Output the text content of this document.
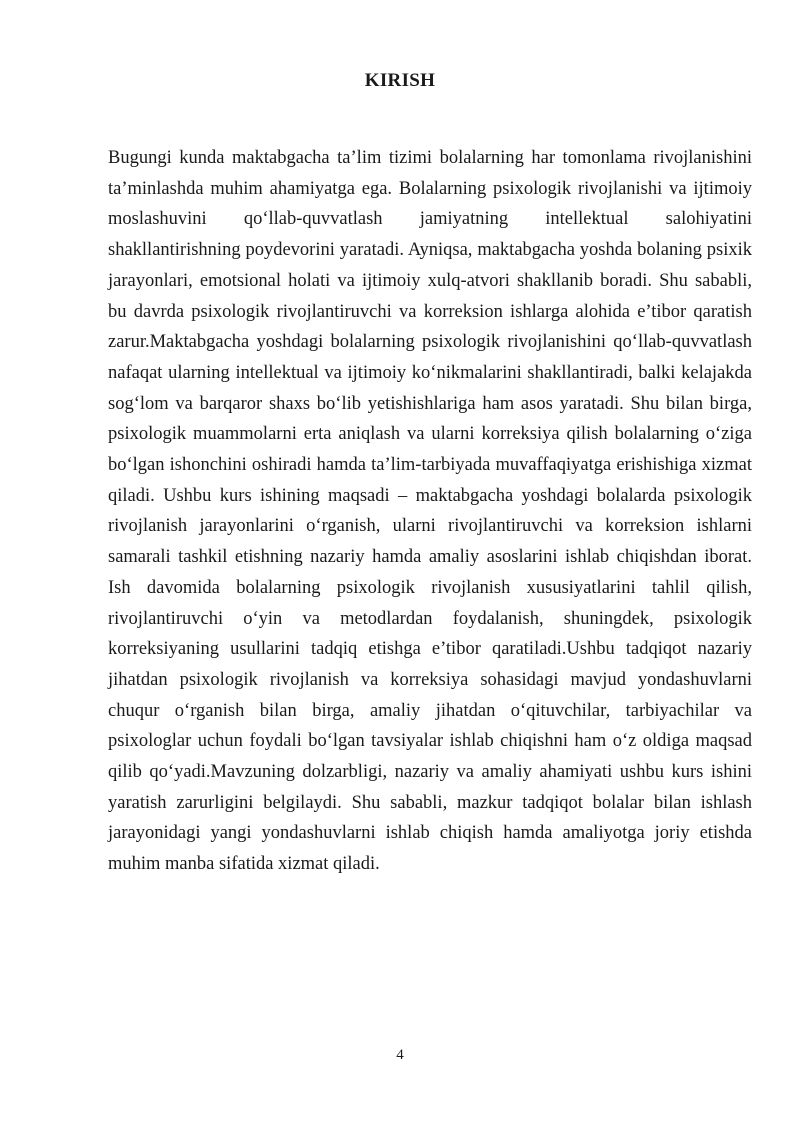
KIRISH

Bugungi kunda maktabgacha ta’lim tizimi bolalarning har tomonlama rivojlanishini ta’minlashda muhim ahamiyatga ega. Bolalarning psixologik rivojlanishi va ijtimoiy moslashuvini qo‘llab-quvvatlash jamiyatning intellektual salohiyatini shakllantirishning poydevorini yaratadi. Ayniqsa, maktabgacha yoshda bolaning psixik jarayonlari, emotsional holati va ijtimoiy xulq-atvori shakllanib boradi. Shu sababli, bu davrda psixologik rivojlantiruvchi va korreksion ishlarga alohida e’tibor qaratish zarur.Maktabgacha yoshdagi bolalarning psixologik rivojlanishini qo‘llab-quvvatlash nafaqat ularning intellektual va ijtimoiy ko‘nikmalarini shakllantiradi, balki kelajakda sog‘lom va barqaror shaxs bo‘lib yetishishlariga ham asos yaratadi. Shu bilan birga, psixologik muammolarni erta aniqlash va ularni korreksiya qilish bolalarning o‘ziga bo‘lgan ishonchini oshiradi hamda ta’lim-tarbiyada muvaffaqiyatga erishishiga xizmat qiladi. Ushbu kurs ishining maqsadi – maktabgacha yoshdagi bolalarda psixologik rivojlanish jarayonlarini o‘rganish, ularni rivojlantiruvchi va korreksion ishlarni samarali tashkil etishning nazariy hamda amaliy asoslarini ishlab chiqishdan iborat. Ish davomida bolalarning psixologik rivojlanish xususiyatlarini tahlil qilish, rivojlantiruvchi o‘yin va metodlardan foydalanish, shuningdek, psixologik korreksiyaning usullarini tadqiq etishga e’tibor qaratiladi.Ushbu tadqiqot nazariy jihatdan psixologik rivojlanish va korreksiya sohasidagi mavjud yondashuvlarni chuqur o‘rganish bilan birga, amaliy jihatdan o‘qituvchilar, tarbiyachilar va psixologlar uchun foydali bo‘lgan tavsiyalar ishlab chiqishni ham o‘z oldiga maqsad qilib qo‘yadi.Mavzuning dolzarbligi, nazariy va amaliy ahamiyati ushbu kurs ishini yaratish zarurligini belgilaydi. Shu sababli, mazkur tadqiqot bolalar bilan ishlash jarayonidagi yangi yondashuvlarni ishlab chiqish hamda amaliyotga joriy etishda muhim manba sifatida xizmat qiladi.

4
